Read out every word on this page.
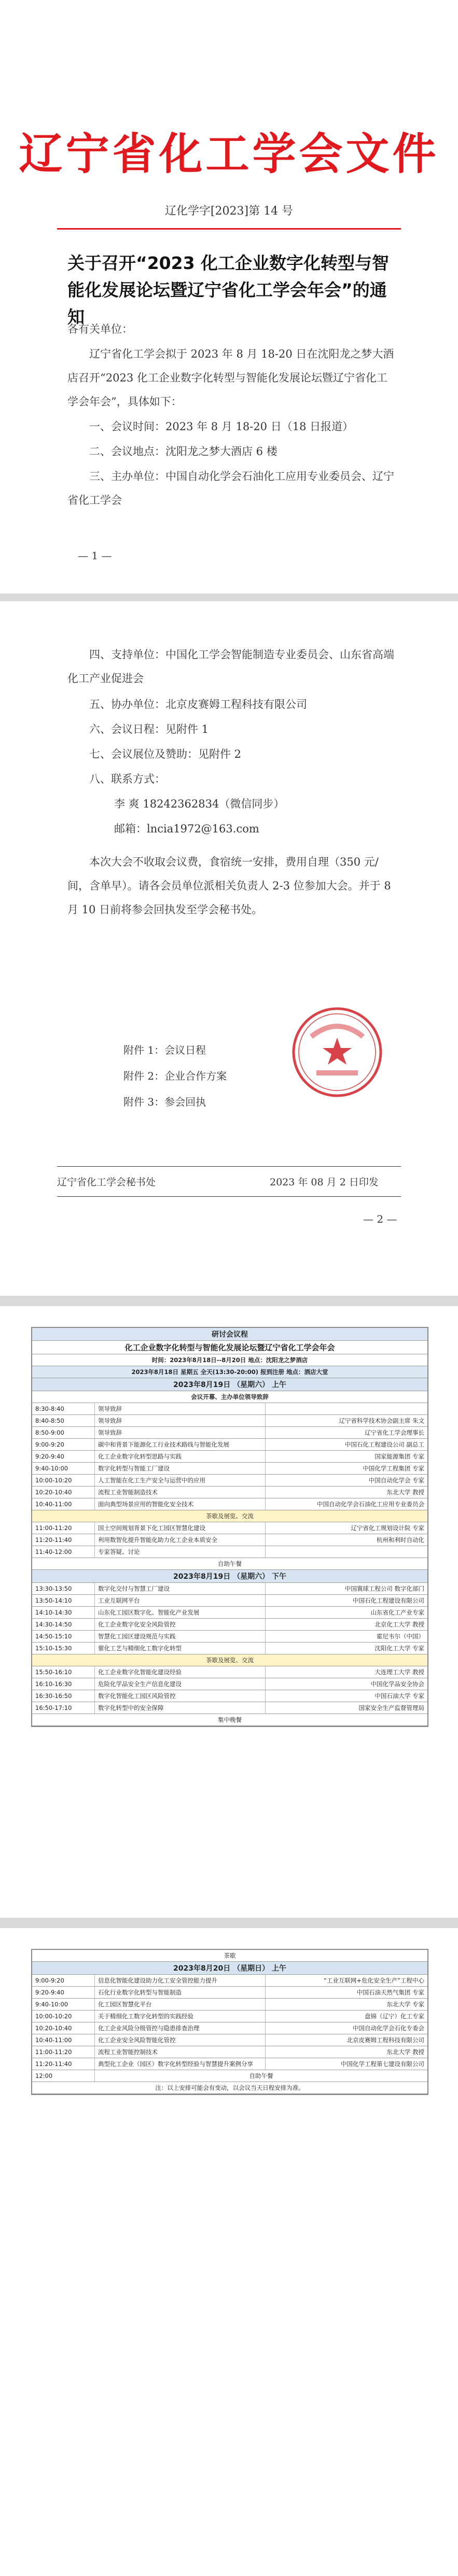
辽宁省化工学会文件
辽化学字[2023]第 14 号
关于召开“2023 化工企业数字化转型与智能化发展论坛暨辽宁省化工学会年会”的通知
各有关单位：
辽宁省化工学会拟于 2023 年 8 月 18-20 日在沈阳龙之梦大酒店召开“2023 化工企业数字化转型与智能化发展论坛暨辽宁省化工学会年会”，具体如下：
一、会议时间：2023 年 8 月 18-20 日（18 日报道）
二、会议地点：沈阳龙之梦大酒店 6 楼
三、主办单位：中国自动化学会石油化工应用专业委员会、辽宁省化工学会
— 1 —
四、支持单位：中国化工学会智能制造专业委员会、山东省高端化工产业促进会
五、协办单位：北京皮赛姆工程科技有限公司
六、会议日程：见附件 1
七、会议展位及赞助：见附件 2
八、联系方式：
李 爽 18242362834（微信同步）
邮箱：lncia1972@163.com
本次大会不收取会议费，食宿统一安排，费用自理（350 元/间，含单早）。请各会员单位派相关负责人 2-3 位参加大会。并于 8 月 10 日前将参会回执发至学会秘书处。
附件 1：会议日程
附件 2：企业合作方案
附件 3：参会回执
辽宁省化工学会秘书处	2023 年 08 月 2 日印发
— 2 —
研讨会议程
化工企业数字化转型与智能化发展论坛暨辽宁省化工学会年会
时间：2023年8月18日--8月20日 地点：沈阳龙之梦酒店
2023年8月18日 星期五 全天(13:30-20:00) 报到注册 地点：酒店大堂
2023年8月19日 （星期六） 上午
会议开幕、主办单位领导致辞
8:30-8:40	领导致辞
8:40-8:50	领导致辞	辽宁省科学技术协会副主席 朱文
8:50-9:00	领导致辞	辽宁省化工学会理事长
9:00-9:20	碳中和背景下能源化工行业技术路线与智能化发展	中国石化工程建设公司 副总工
9:20-9:40	化工企业数字化转型思路与实践	国家能源集团 专家
9:40-10:00	数字化转型与智能工厂建设	中国化学工程集团 专家
10:00-10:20	人工智能在化工生产安全与运营中的应用	中国自动化学会 专家
10:20-10:40	流程工业智能制造技术	东北大学 教授
10:40-11:00	面向典型场景应用的智能化安全技术	中国自动化学会石油化工应用专业委员会
茶歇及展览、交流
11:00-11:20	国土空间规划背景下化工园区智慧化建设	辽宁省化工规划设计院 专家
11:20-11:40	利用数智化提升智能化助力化工企业本质安全	杭州和利时自动化
11:40-12:00	专家答疑、讨论
自助午餐
2023年8月19日 （星期六） 下午
13:30-13:50	数字化交付与智慧工厂建设	中国寰球工程公司 数字化部门
13:50-14:10	工业互联网平台	中国石化工程建设有限公司
14:10-14:30	山东化工园区数字化、智能化产业发展	山东省化工产业专家
14:30-14:50	化工企业数字化安全风险管控	北京化工大学 教授
14:50-15:10	智慧化工园区建设规范与实践	霍尼韦尔（中国）
15:10-15:30	催化工艺与精细化工数字化转型	沈阳化工大学 专家
茶歇及展览、交流
15:50-16:10	化工企业数字化智能化建设经验	大连理工大学 教授
16:10-16:30	危险化学品安全生产信息化建设	中国化学品安全协会
16:30-16:50	数字化智能化工园区风险管控	中国石油大学 专家
16:50-17:10	数字化转型中的安全保障	国家安全生产监督管理局
集中晚餐
茶歇
2023年8月20日 （星期日） 上午
9:00-9:20	信息化智能化建设助力化工安全管控能力提升	“工业互联网+危化安全生产”工程中心
9:20-9:40	石化行业数字化转型与智能制造	中国石油天然气集团 专家
9:40-10:00	化工园区智慧化平台	东北大学 专家
10:00-10:20	关于精细化工数字化转型的实践经验	盘锦（辽宁）化工专家
10:20-10:40	化工企业风险分级管控与隐患排查治理	中国自动化学会石化专委会
10:40-11:00	化工企业安全风险智能化管控	北京皮赛姆工程科技有限公司
11:00-11:20	流程工业智能控制技术	东北大学 教授
11:20-11:40	典型化工企业（园区）数字化转型经验与智慧提升案例分享	中国化学工程第七建设有限公司
12:00	自助午餐
注：以上安排可能会有变动，以会议当天日程安排为准。
